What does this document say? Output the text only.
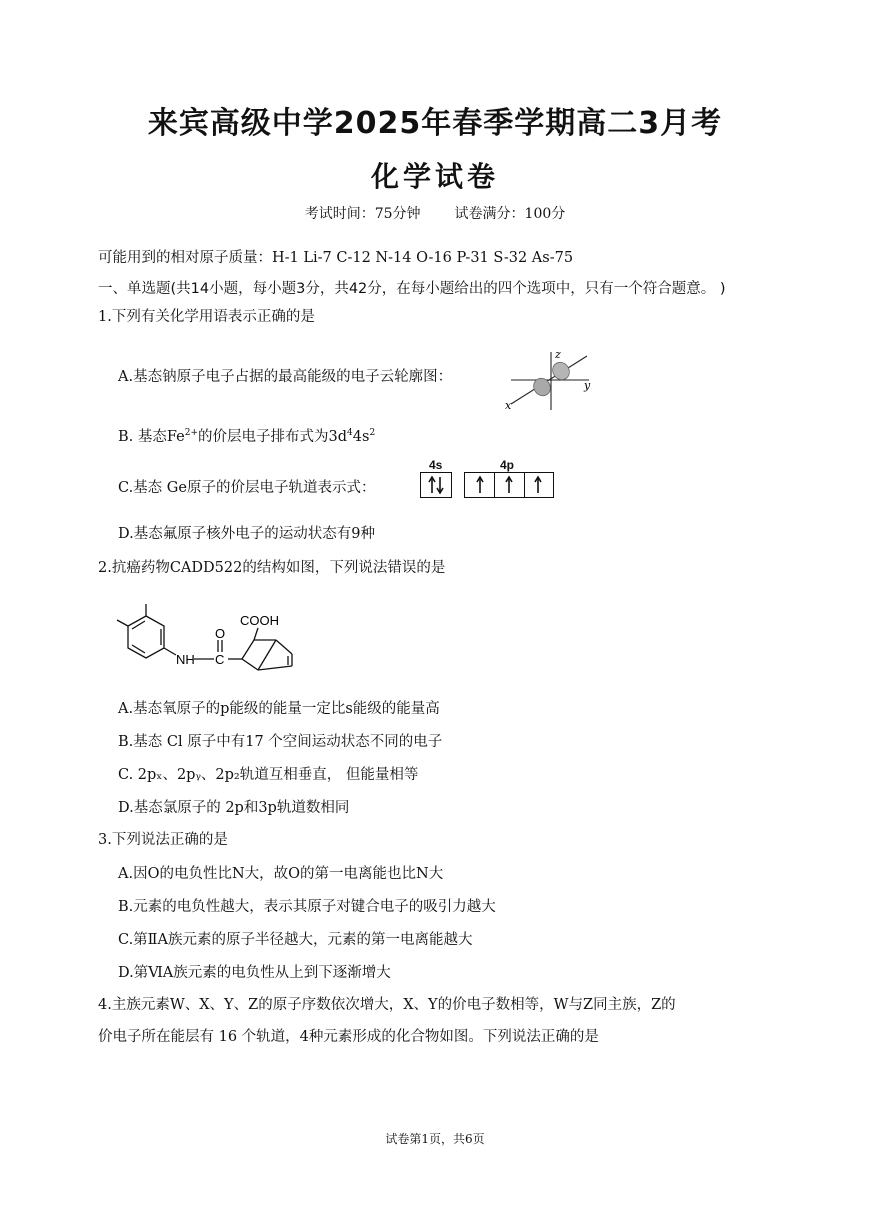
来宾高级中学2025年春季学期高二3月考
化学试卷
考试时间：75分钟 试卷满分：100分
可能用到的相对原子质量：H-1 Li-7 C-12 N-14 O-16 P-31 S-32 As-75
一、单选题(共14小题，每小题3分，共42分，在每小题给出的四个选项中，只有一个符合题意。 )
1.下列有关化学用语表示正确的是
A.基态钠原子电子占据的最高能级的电子云轮廓图：
z
y
x
B. 基态$Fe^{2+}$的价层电子排布式为$3d^44s^2$
C.基态 Ge原子的价层电子轨道表示式：
4s	4p
D.基态氟原子核外电子的运动状态有9种
2.抗癌药物CADD522的结构如图，下列说法错误的是
COOH
O
NH C
A.基态氧原子的p能级的能量一定比s能级的能量高
B.基态 Cl 原子中有17 个空间运动状态不同的电子
C. 2pₓ、2pᵧ、2p₂轨道互相垂直， 但能量相等
D.基态氯原子的 2p和3p轨道数相同
3.下列说法正确的是
A.因O的电负性比N大，故O的第一电离能也比N大
B.元素的电负性越大，表示其原子对键合电子的吸引力越大
C.第ⅡA族元素的原子半径越大，元素的第一电离能越大
D.第ⅥA族元素的电负性从上到下逐渐增大
4.主族元素W、X、Y、Z的原子序数依次增大，X、Y的价电子数相等，W与Z同主族，Z的
价电子所在能层有 16 个轨道，4种元素形成的化合物如图。下列说法正确的是
试卷第1页，共6页
